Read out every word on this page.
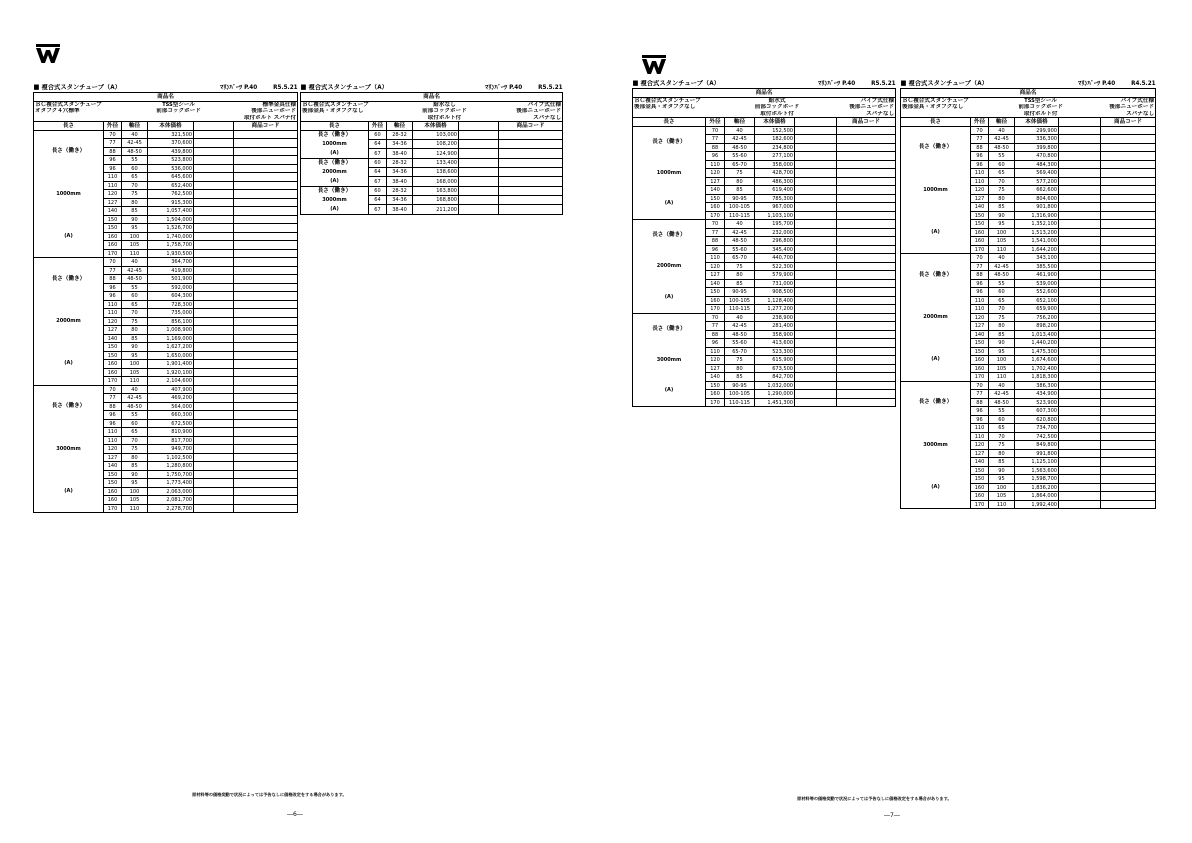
■ 複合式スタンチューブ（A） ﾏﾘﾝﾊﾟｰﾂ P.40 R5.5.21					

商品名					

ＢＣ複合式スタンチューブ TSS型シール 標準金具仕様					

オタフク４穴標準 前部コックボード 後部ニューボード					

取付ボルト スパナ付					

長さ	外径	軸径	本体価格		商品コード

長さ（働き）
1000mm
(A)	70	40	321,500		
	77	42-45	370,600		
	88	48-50	439,800		
	96	55	523,800		
	96	60	536,000		
	110	65	645,600		
	110	70	652,400		
	120	75	762,500		
	127	80	915,300		
	140	85	1,057,400		
	150	90	1,504,000		
	150	95	1,526,700		
	160	100	1,740,000		
	160	105	1,758,700		
	170	110	1,930,500		

長さ（働き）
2000mm
(A)	70	40	364,700		
	77	42-45	419,800		
	88	48-50	501,900		
	96	55	592,000		
	96	60	604,300		
	110	65	728,300		
	110	70	735,000		
	120	75	856,100		
	127	80	1,008,900		
	140	85	1,169,000		
	150	90	1,627,200		
	150	95	1,650,000		
	160	100	1,901,400		
	160	105	1,920,100		
	170	110	2,104,600		

長さ（働き）
3000mm
(A)	70	40	407,900		
	77	42-45	469,200		
	88	48-50	564,000		
	96	55	660,300		
	96	60	672,500		
	110	65	810,900		
	110	70	817,700		
	120	75	949,700		
	127	80	1,102,500		
	140	85	1,280,800		
	150	90	1,750,700		
	150	95	1,773,400		
	160	100	2,063,000		
	160	105	2,081,700		
	170	110	2,278,700		
■ 複合式スタンチューブ（A） ﾏﾘﾝﾊﾟｰﾂ P.40 R5.5.21					

商品名					

ＢＣ複合式スタンチューブ 給水なし パイプ式仕様					

後部金具・オタフクなし 前部コックボード 後部ニューボード					

取付ボルト付 スパナなし					

長さ	外径	軸径	本体価格		商品コード

長さ（働き）
1000mm
(A)	60	28-32	103,000		
	64	34-36	108,200		
	67	38-40	124,900		

長さ（働き）
2000mm
(A)	60	28-32	133,400		
	64	34-36	138,600		
	67	38-40	168,000		

長さ（働き）
3000mm
(A)	60	28-32	163,800		
	64	34-36	168,800		
	67	38-40	211,200		
■ 複合式スタンチューブ（A） ﾏﾘﾝﾊﾟｰﾂ P.40 R5.5.21					

商品名					

ＢＣ複合式スタンチューブ 給水式 パイプ式仕様					

後部金具・オタフクなし 前部コックボード 後部ニューボード					

取付ボルト付 スパナなし					

長さ	外径	軸径	本体価格		商品コード

長さ（働き）
1000mm
(A)	70	40	152,500		
	77	42-45	182,600		
	88	48-50	234,800		
	96	55-60	277,100		
	110	65-70	358,000		
	120	75	428,700		
	127	80	486,300		
	140	85	619,400		
	150	90-95	785,300		
	160	100-105	967,000		
	170	110-115	1,103,100		

長さ（働き）
2000mm
(A)	70	40	195,700		
	77	42-45	232,000		
	88	48-50	296,800		
	96	55-60	345,400		
	110	65-70	440,700		
	120	75	522,300		
	127	80	579,900		
	140	85	731,000		
	150	90-95	908,500		
	160	100-105	1,128,400		
	170	110-115	1,277,200		

長さ（働き）
3000mm
(A)	70	40	238,900		
	77	42-45	281,400		
	88	48-50	358,900		
	96	55-60	413,600		
	110	65-70	523,300		
	120	75	615,900		
	127	80	673,500		
	140	85	842,700		
	150	90-95	1,032,000		
	160	100-105	1,290,000		
	170	110-115	1,451,300		
■ 複合式スタンチューブ（A） ﾏﾘﾝﾊﾟｰﾂ P.40 R4.5.21					

商品名					

ＢＣ複合式スタンチューブ TSS型シール パイプ式仕様					

後部金具・オタフクなし 前部コックボード 後部ニューボード					

取付ボルト付 スパナなし					

長さ	外径	軸径	本体価格		商品コード

長さ（働き）
1000mm
(A)	70	40	299,900		
	77	42-45	336,300		
	88	48-50	399,800		
	96	55	470,800		
	96	60	484,300		
	110	65	569,400		
	110	70	577,200		
	120	75	662,600		
	127	80	804,600		
	140	85	901,800		
	150	90	1,316,900		
	150	95	1,352,100		
	160	100	1,513,200		
	160	105	1,541,000		
	170	110	1,644,200		

長さ（働き）
2000mm
(A)	70	40	343,100		
	77	42-45	385,500		
	88	48-50	461,900		
	96	55	539,000		
	96	60	552,600		
	110	65	652,100		
	110	70	659,900		
	120	75	756,200		
	127	80	898,200		
	140	85	1,013,400		
	150	90	1,440,200		
	150	95	1,475,300		
	160	100	1,674,600		
	160	105	1,702,400		
	170	110	1,818,300		

長さ（働き）
3000mm
(A)	70	40	386,300		
	77	42-45	434,900		
	88	48-50	523,900		
	96	55	607,300		
	96	60	620,800		
	110	65	734,700		
	110	70	742,500		
	120	75	849,800		
	127	80	991,800		
	140	85	1,125,100		
	150	90	1,563,600		
	150	95	1,598,700		
	160	100	1,836,200		
	160	105	1,864,000		
	170	110	1,992,400		
原材料等の価格変動で状況によっては予告なしに価格改定をする場合があります。
―6―
原材料等の価格変動で状況によっては予告なしに価格改定をする場合があります。
―7―
